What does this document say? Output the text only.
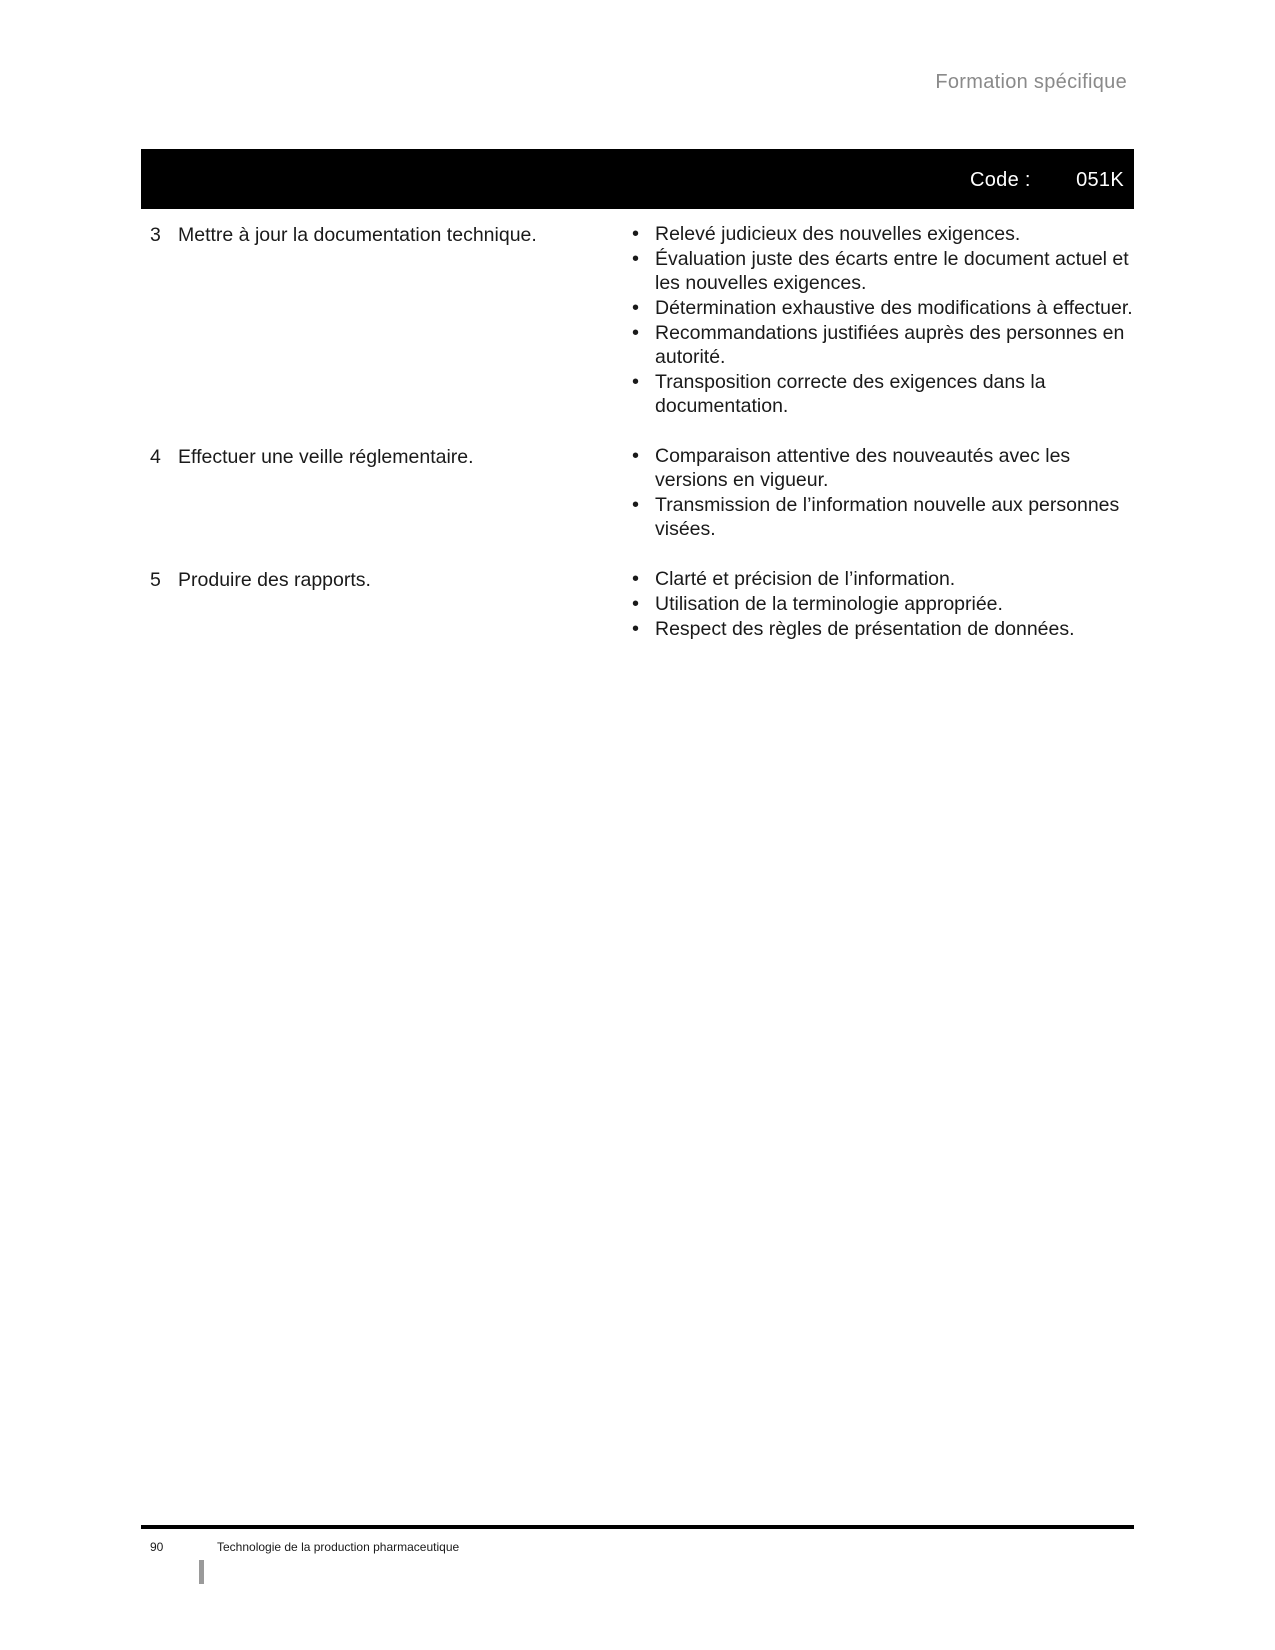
Formation spécifique
Code : 051K
3 Mettre à jour la documentation technique.	• Relevé judicieux des nouvelles exigences.
• Évaluation juste des écarts entre le document actuel et les nouvelles exigences.
• Détermination exhaustive des modifications à effectuer.
• Recommandations justifiées auprès des personnes en autorité.
• Transposition correcte des exigences dans la documentation.
4 Effectuer une veille réglementaire.	• Comparaison attentive des nouveautés avec les versions en vigueur.
• Transmission de l’information nouvelle aux personnes visées.
5 Produire des rapports.	• Clarté et précision de l’information.
• Utilisation de la terminologie appropriée.
• Respect des règles de présentation de données.
90	Technologie de la production pharmaceutique
